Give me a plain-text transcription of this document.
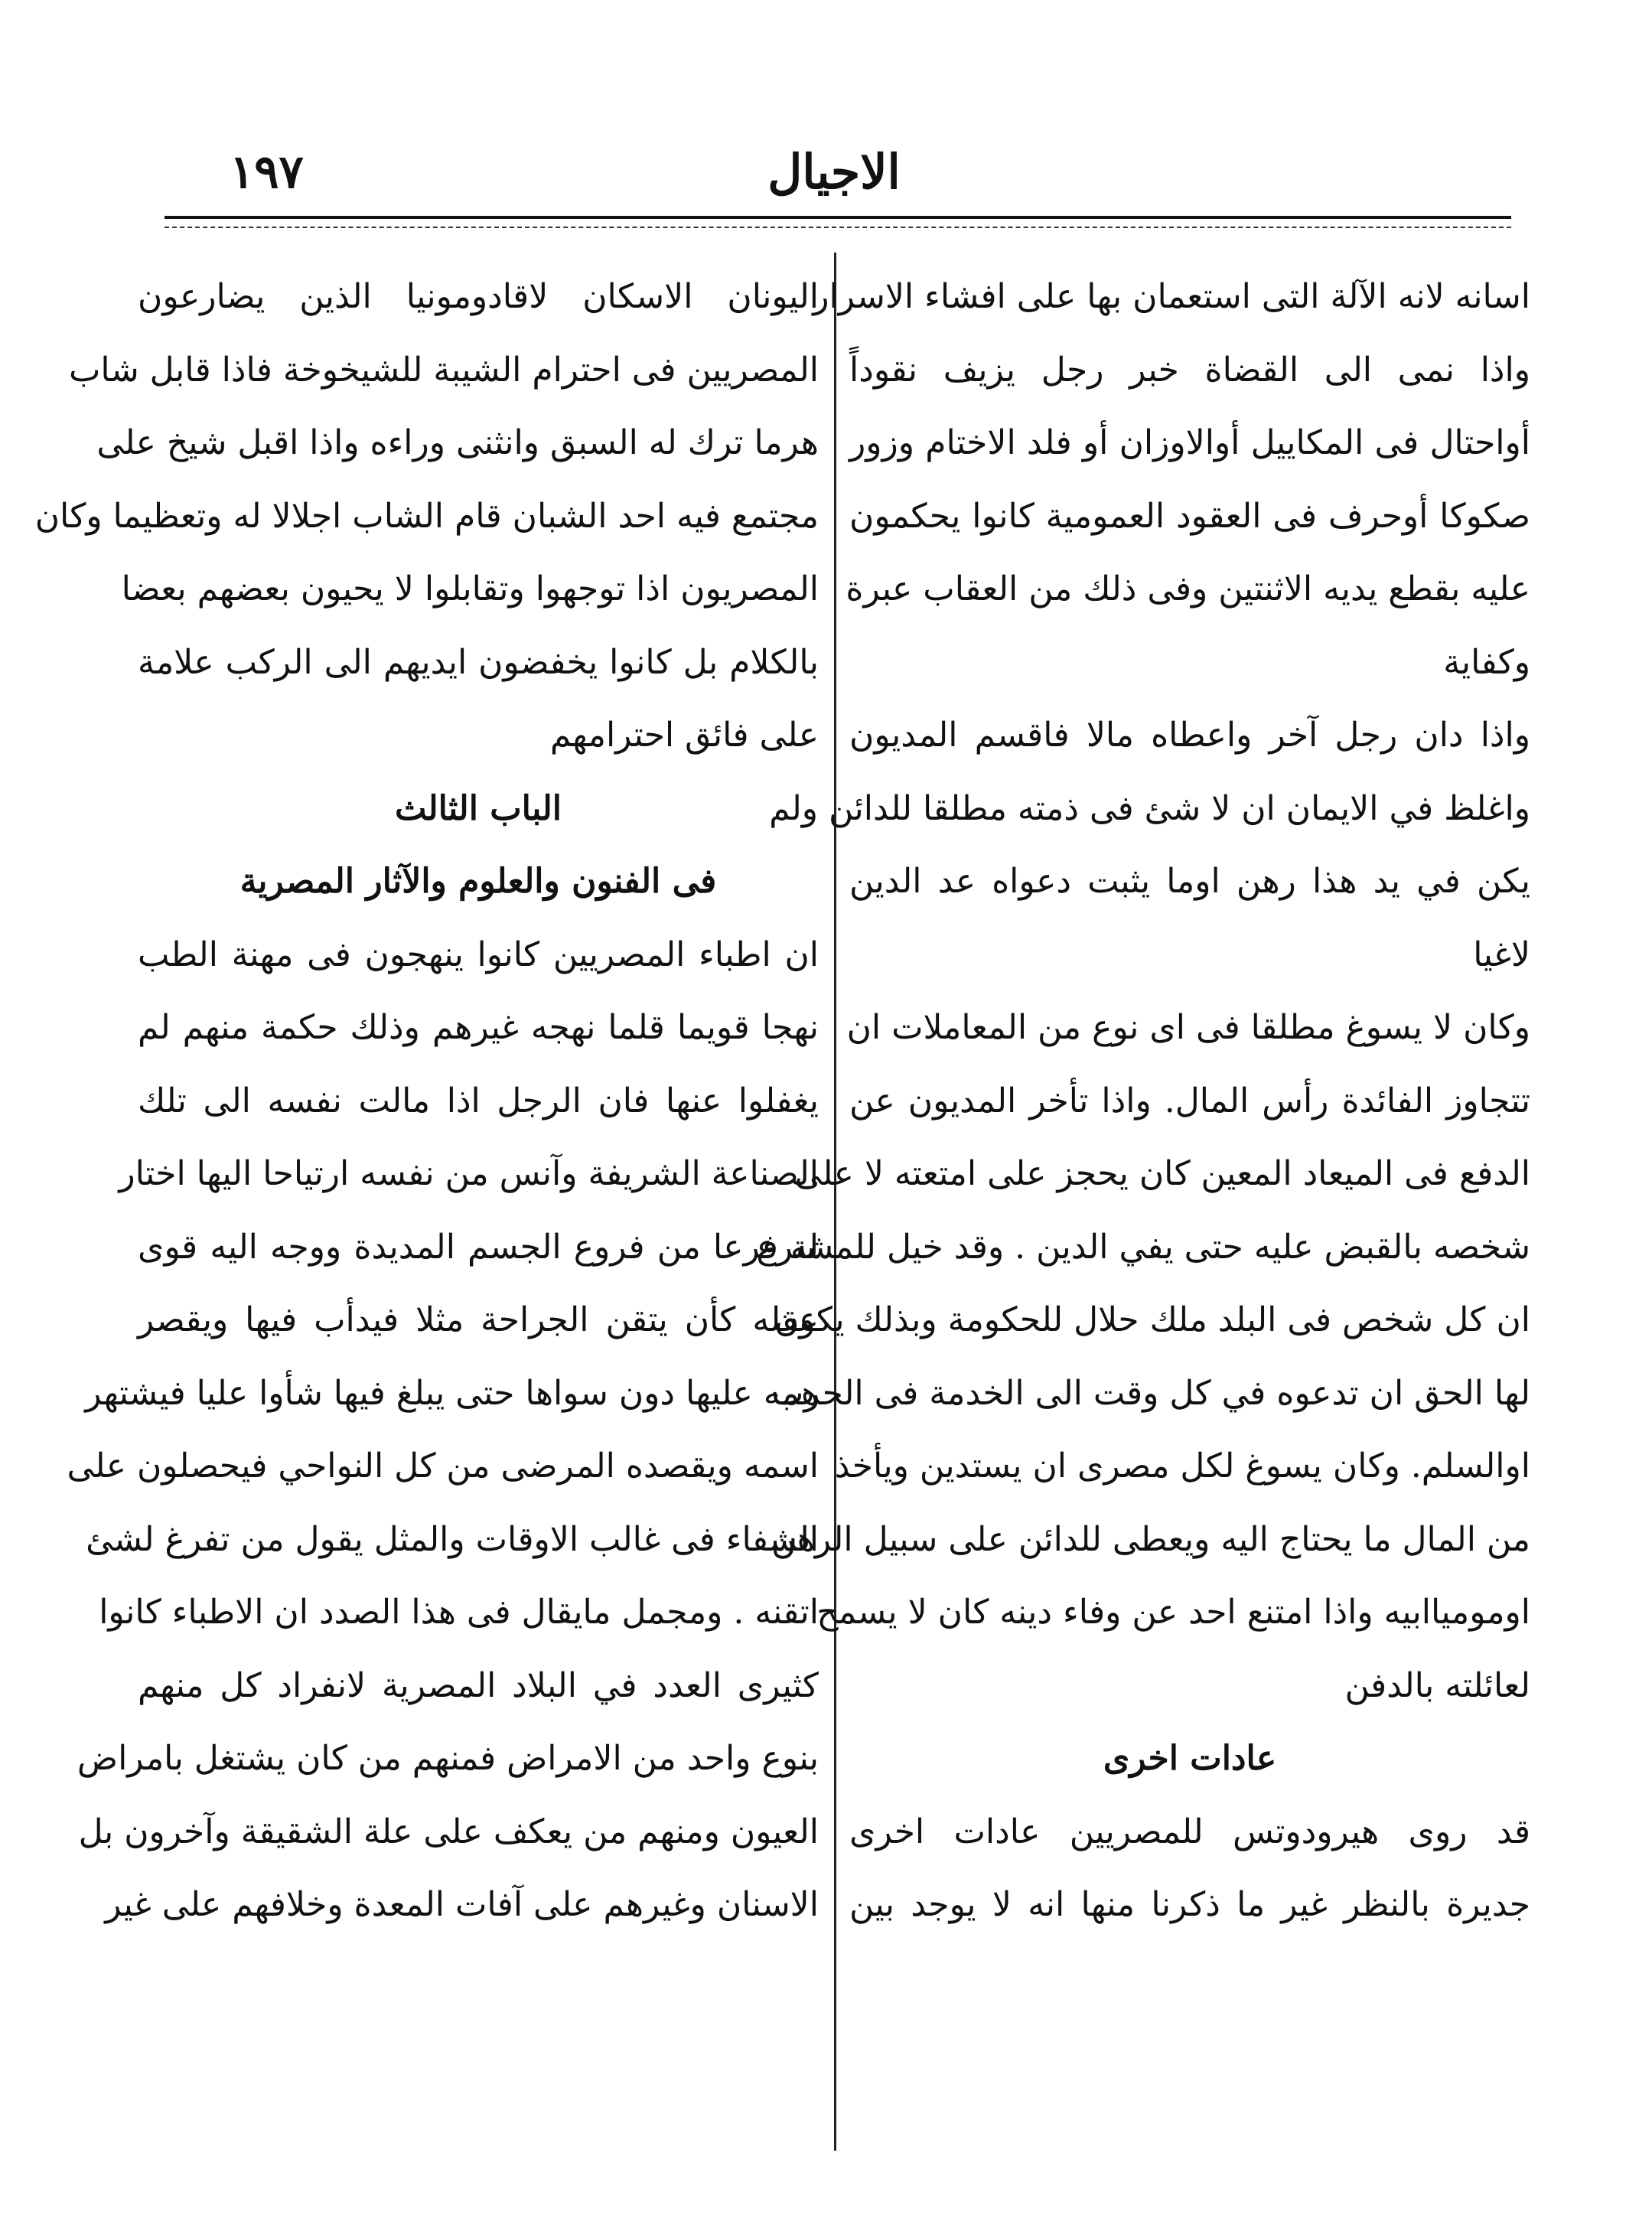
الاجيال
١٩٧
اسانه لانه الآلة التى استعمان بها على افشاء الاسرار
واذا نمى الى القضاة خبر رجل يزيف نقوداً
أواحتال فى المكاييل أوالاوزان أو فلد الاختام وزور
صكوكا أوحرف فى العقود العمومية كانوا يحكمون
عليه بقطع يديه الاثنتين وفى ذلك من العقاب عبرة
وكفاية
واذا دان رجل آخر واعطاه مالا فاقسم المديون
واغلظ في الايمان ان لا شئ فى ذمته مطلقا للدائن ولم
يكن في يد هذا رهن اوما يثبت دعواه عد الدين
لاغيا
وكان لا يسوغ مطلقا فى اى نوع من المعاملات ان
تتجاوز الفائدة رأس المال. واذا تأخر المديون عن
الدفع فى الميعاد المعين كان يحجز على امتعته لا على
شخصه بالقبض عليه حتى يفي الدين . وقد خيل للمشترع
ان كل شخص فى البلد ملك حلال للحكومة وبذلك يكون
لها الحق ان تدعوه في كل وقت الى الخدمة فى الحرب
اوالسلم. وكان يسوغ لكل مصرى ان يستدين ويأخذ
من المال ما يحتاج اليه ويعطى للدائن على سبيل الرهن
اومومياابيه واذا امتنع احد عن وفاء دينه كان لا يسمح
لعائلته بالدفن
عادات اخرى
قد روى هيرودوتس للمصريين عادات اخرى
جديرة بالنظر غير ما ذكرنا منها انه لا يوجد بين
اليونان الاسكان لاقادومونيا الذين يضارعون
المصريين فى احترام الشيبة للشيخوخة فاذا قابل شاب
هرما ترك له السبق وانثنى وراءه واذا اقبل شيخ على
مجتمع فيه احد الشبان قام الشاب اجلالا له وتعظيما وكان
المصريون اذا توجهوا وتقابلوا لا يحيون بعضهم بعضا
بالكلام بل كانوا يخفضون ايديهم الى الركب علامة
على فائق احترامهم
الباب الثالث
فى الفنون والعلوم والآثار المصرية
ان اطباء المصريين كانوا ينهجون فى مهنة الطب
نهجا قويما قلما نهجه غيرهم وذلك حكمة منهم لم
يغفلوا عنها فان الرجل اذا مالت نفسه الى تلك
الصناعة الشريفة وآنس من نفسه ارتياحا اليها اختار
له فرعا من فروع الجسم المديدة ووجه اليه قوى
عقله كأن يتقن الجراحة مثلا فيدأب فيها ويقصر
همه عليها دون سواها حتى يبلغ فيها شأوا عليا فيشتهر
اسمه ويقصده المرضى من كل النواحي فيحصلون على
الشفاء فى غالب الاوقات والمثل يقول من تفرغ لشئ
اتقنه . ومجمل مايقال فى هذا الصدد ان الاطباء كانوا
كثيرى العدد في البلاد المصرية لانفراد كل منهم
بنوع واحد من الامراض فمنهم من كان يشتغل بامراض
العيون ومنهم من يعكف على علة الشقيقة وآخرون بل
الاسنان وغيرهم على آفات المعدة وخلافهم على غير
